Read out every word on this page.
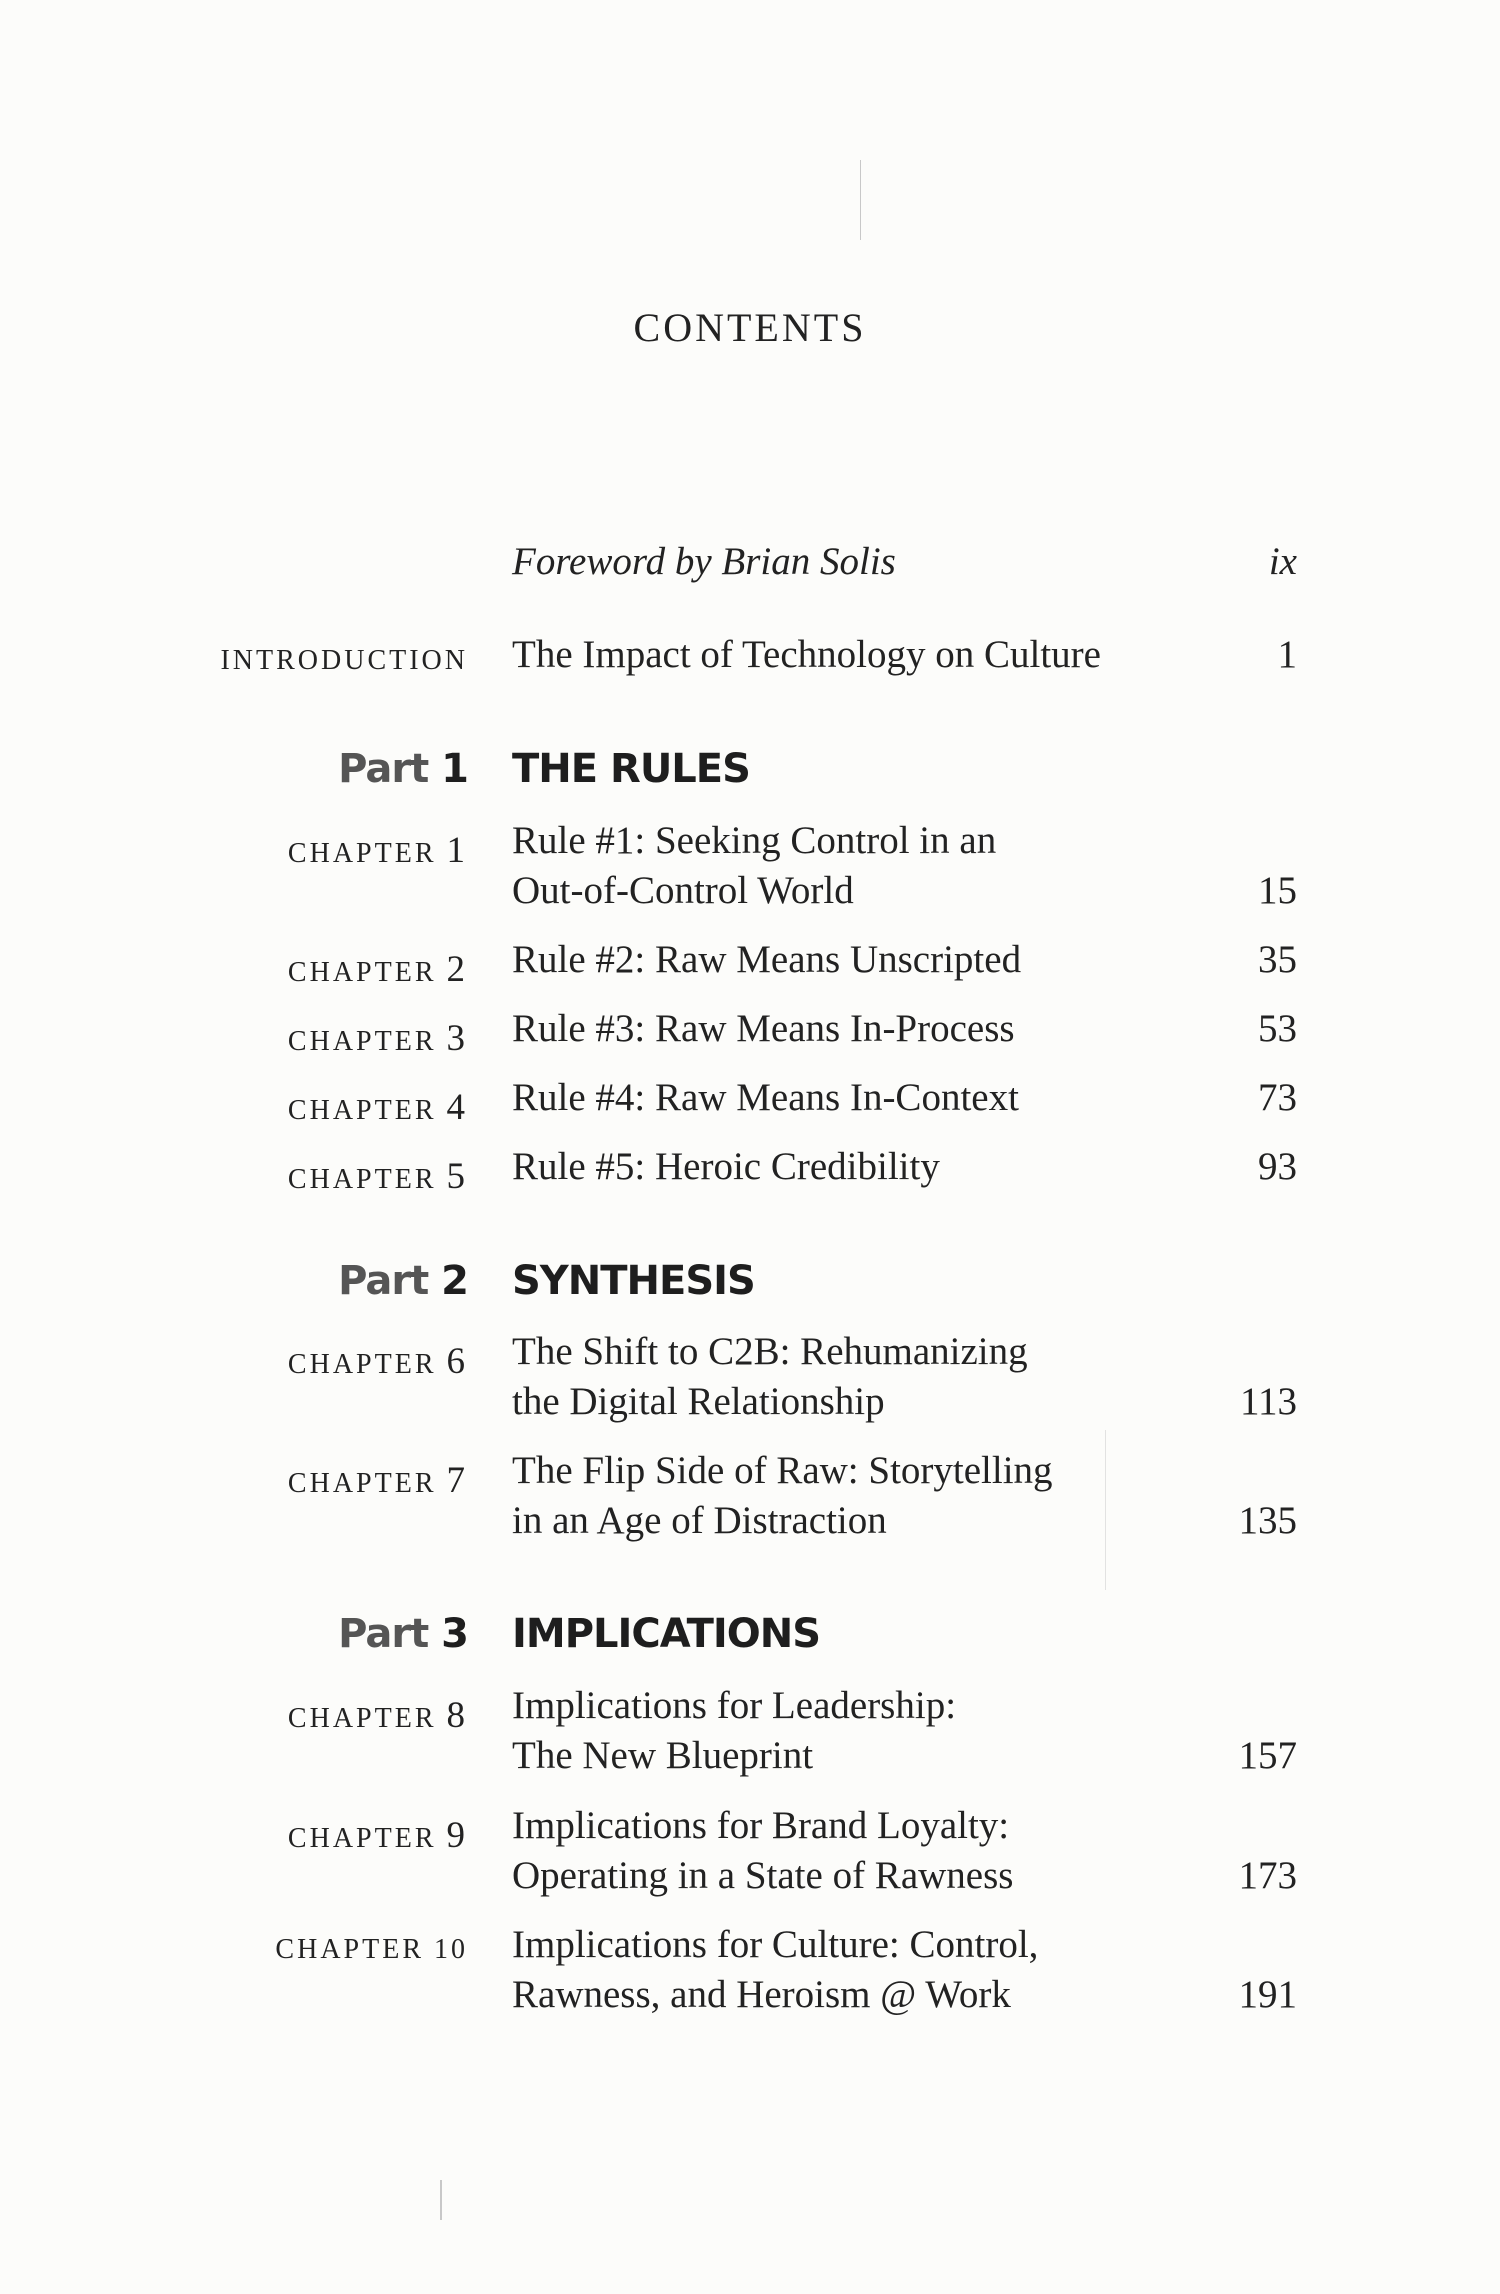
CONTENTS
Foreword by Brian Solis	ix
INTRODUCTION The Impact of Technology on Culture	1
Part 1 THE RULES
CHAPTER 1 Rule #1: Seeking Control in an
Out-of-Control World	15
CHAPTER 2 Rule #2: Raw Means Unscripted	35
CHAPTER 3 Rule #3: Raw Means In-Process	53
CHAPTER 4 Rule #4: Raw Means In-Context	73
CHAPTER 5 Rule #5: Heroic Credibility	93
Part 2 SYNTHESIS
CHAPTER 6 The Shift to C2B: Rehumanizing
the Digital Relationship	113
CHAPTER 7 The Flip Side of Raw: Storytelling
in an Age of Distraction	135
Part 3 IMPLICATIONS
CHAPTER 8 Implications for Leadership:
The New Blueprint	157
CHAPTER 9 Implications for Brand Loyalty:
Operating in a State of Rawness	173
CHAPTER 10 Implications for Culture: Control,
Rawness, and Heroism @ Work	191
